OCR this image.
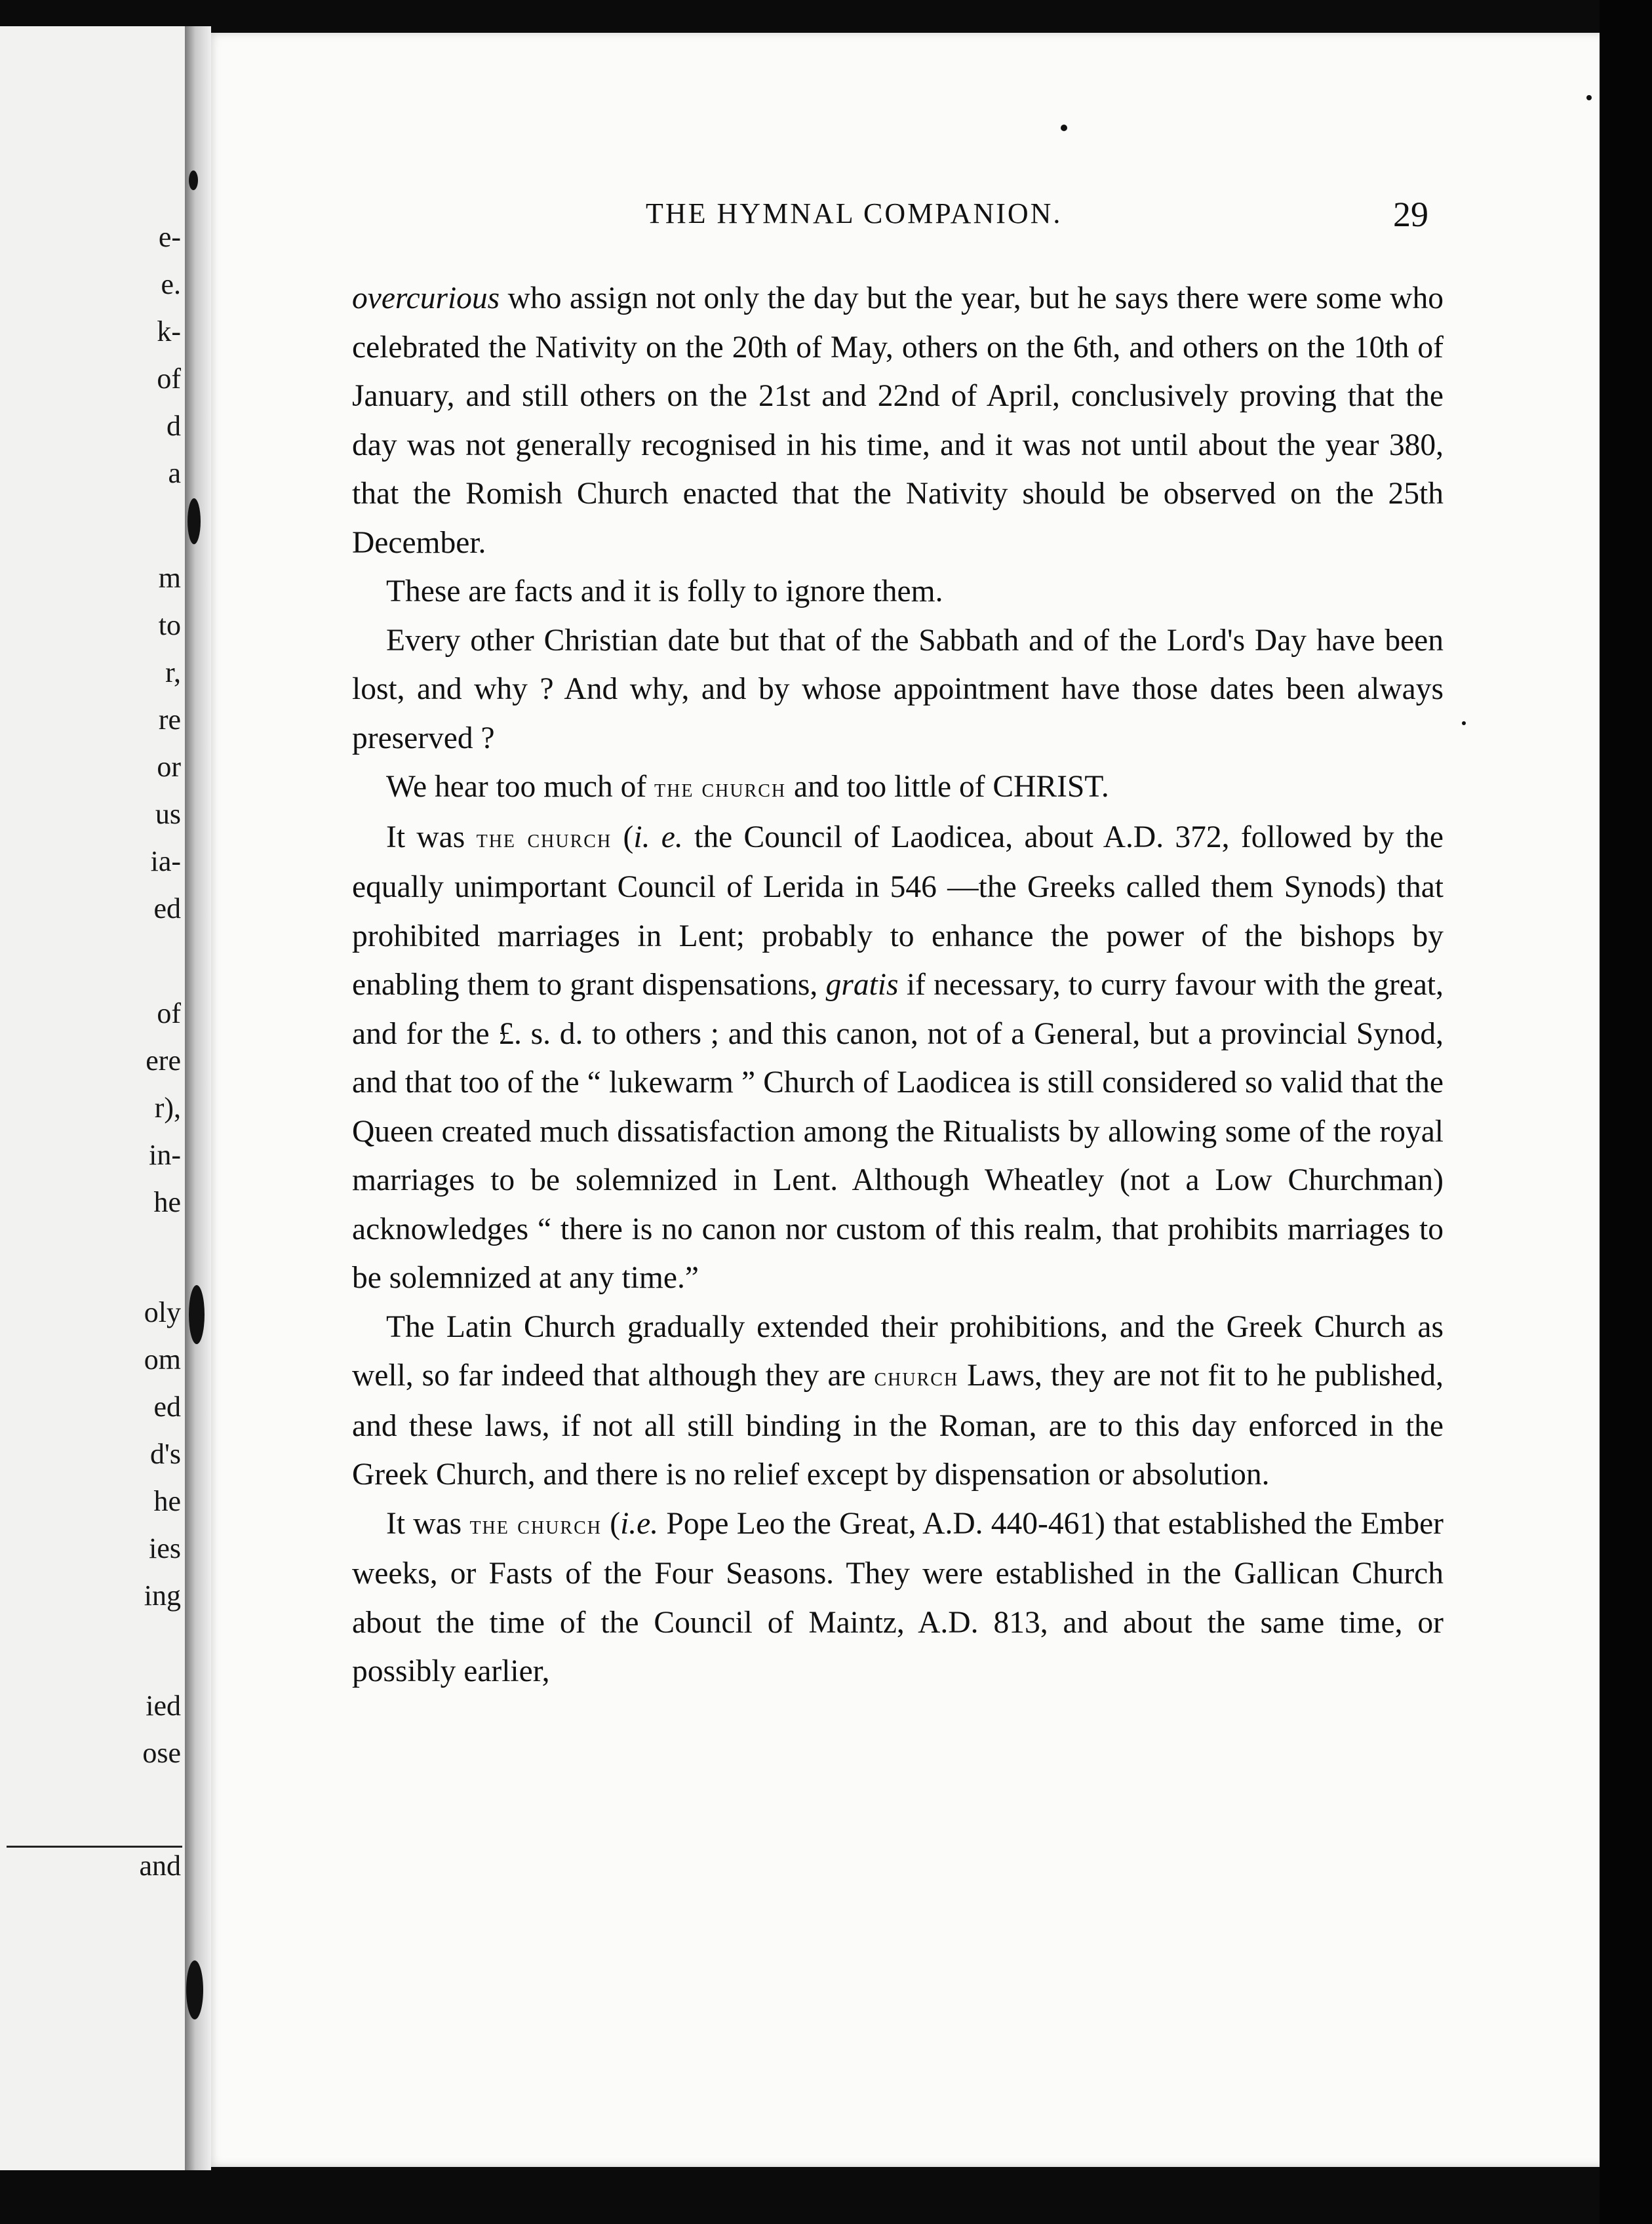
e-
e.
k-
of
d
a
m
to
r,
re
or
us
ia-
ed
of
ere
r),
in-
he
oly
om
ed
d's
he
ies
ing
ied
ose
and
THE HYMNAL COMPANION.	29

overcurious who assign not only the day but the year, but he says there were some who celebrated the Nativity on the 20th of May, others on the 6th, and others on the 10th of January, and still others on the 21st and 22nd of April, conclusively proving that the day was not generally recognised in his time, and it was not until about the year 380, that the Romish Church enacted that the Nativity should be observed on the 25th December.

These are facts and it is folly to ignore them.

Every other Christian date but that of the Sabbath and of the Lord's Day have been lost, and why ? And why, and by whose appointment have those dates been always preserved ?

We hear too much of the church and too little of CHRIST.

It was the church (i. e. the Council of Laodicea, about A.D. 372, followed by the equally unimportant Council of Lerida in 546 —the Greeks called them Synods) that prohibited marriages in Lent; probably to enhance the power of the bishops by enabling them to grant dispensations, gratis if necessary, to curry favour with the great, and for the £. s. d. to others ; and this canon, not of a General, but a provincial Synod, and that too of the “ lukewarm ” Church of Laodicea is still considered so valid that the Queen created much dissatisfaction among the Ritualists by allowing some of the royal marriages to be solemnized in Lent. Although Wheatley (not a Low Churchman) acknowledges “ there is no canon nor custom of this realm, that prohibits marriages to be solemnized at any time.”

The Latin Church gradually extended their prohibitions, and the Greek Church as well, so far indeed that although they are church Laws, they are not fit to he published, and these laws, if not all still binding in the Roman, are to this day enforced in the Greek Church, and there is no relief except by dispensation or absolution.

It was the church (i.e. Pope Leo the Great, A.D. 440-461) that established the Ember weeks, or Fasts of the Four Seasons. They were established in the Gallican Church about the time of the Council of Maintz, A.D. 813, and about the same time, or possibly earlier,
